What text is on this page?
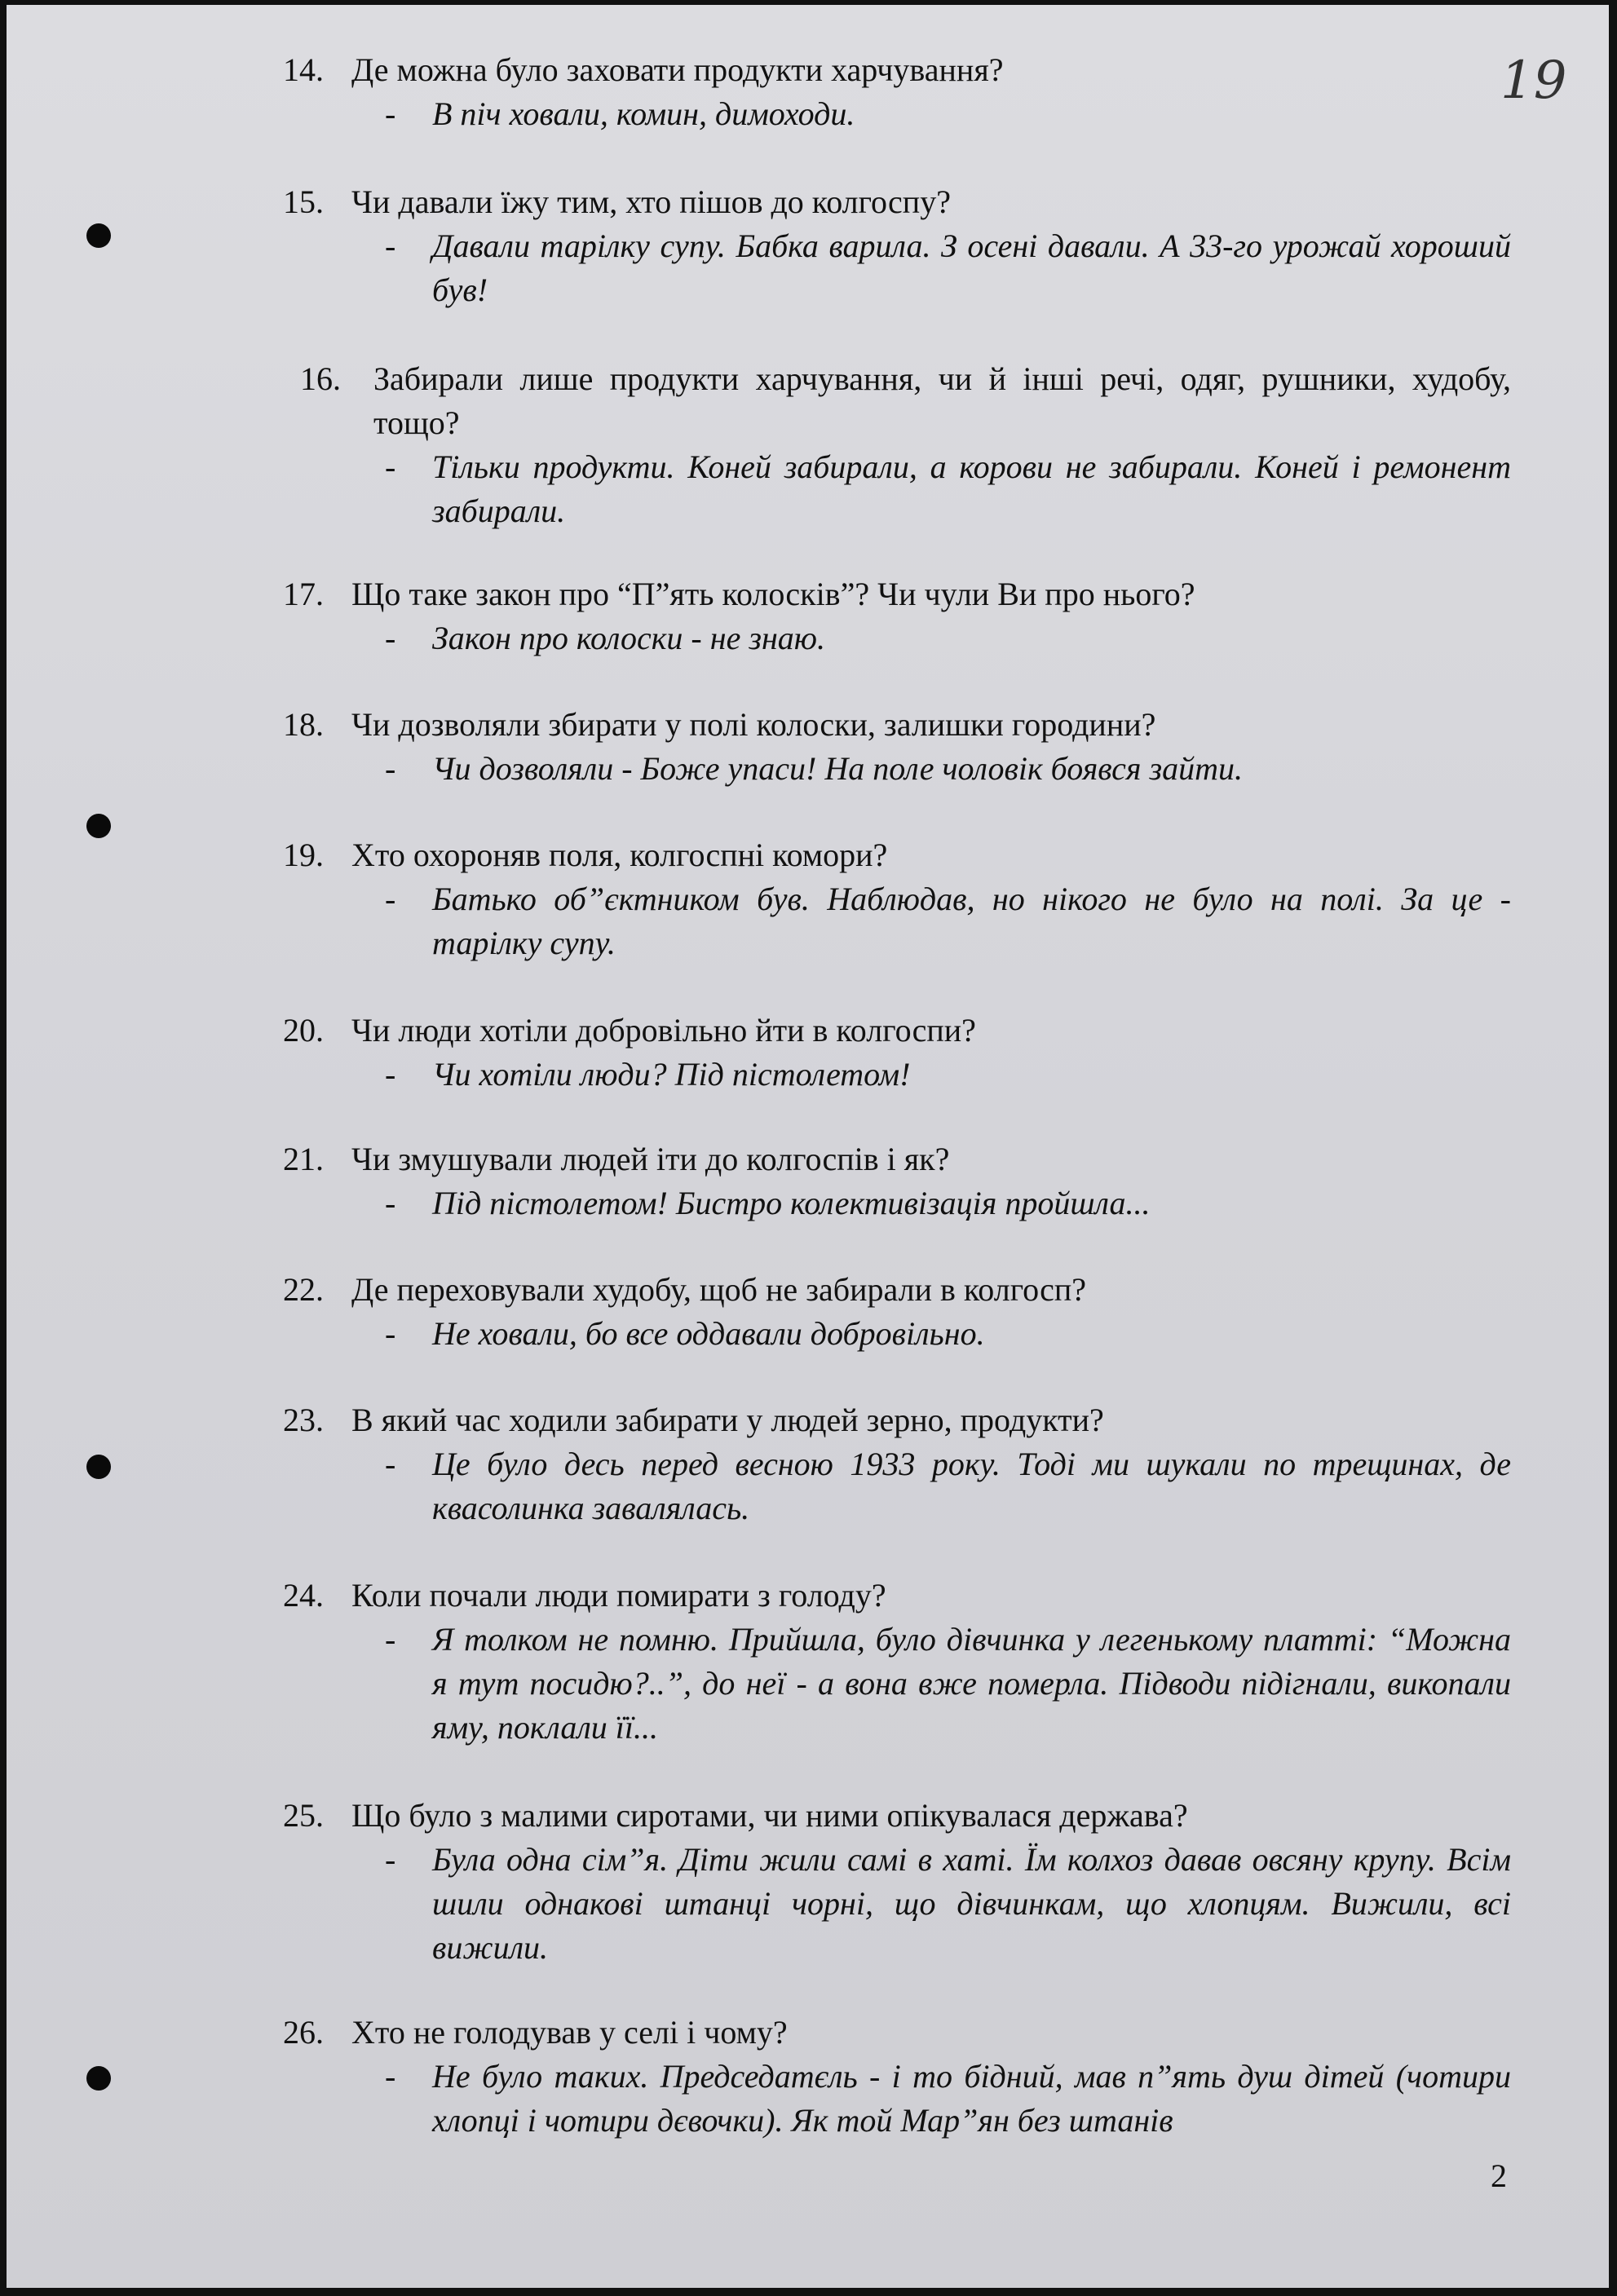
19
14. Де можна було заховати продукти харчування?
- В піч ховали, комин, димоходи.
15. Чи давали їжу тим, хто пішов до колгоспу?
- Давали тарілку супу. Бабка варила. З осені давали. А 33-го урожай хороший був!
16. Забирали лише продукти харчування, чи й інші речі, одяг, рушники, худобу, тощо?
- Тільки продукти. Коней забирали, а корови не забирали. Коней і ремонент забирали.
17. Що таке закон про “П”ять колосків”? Чи чули Ви про нього?
- Закон про колоски - не знаю.
18. Чи дозволяли збирати у полі колоски, залишки городини?
- Чи дозволяли - Боже упаси! На поле чоловік боявся зайти.
19. Хто охороняв поля, колгоспні комори?
- Батько об”єктником був. Наблюдав, но нікого не було на полі. За це - тарілку супу.
20. Чи люди хотіли добровільно йти в колгоспи?
- Чи хотіли люди? Під пістолетом!
21. Чи змушували людей іти до колгоспів і як?
- Під пістолетом! Бистро колективізація пройшла...
22. Де переховували худобу, щоб не забирали в колгосп?
- Не ховали, бо все оддавали добровільно.
23. В який час ходили забирати у людей зерно, продукти?
- Це було десь перед весною 1933 року. Тоді ми шукали по трещинах, де квасолинка завалялась.
24. Коли почали люди помирати з голоду?
- Я толком не помню. Прийшла, було дівчинка у легенькому платті: “Можна я тут посидю?..”, до неї - а вона вже померла. Підводи підігнали, викопали яму, поклали її...
25. Що було з малими сиротами, чи ними опікувалася держава?
- Була одна сім”я. Діти жили самі в хаті. Їм колхоз давав овсяну крупу. Всім шили однакові штанці чорні, що дівчинкам, що хлопцям. Вижили, всі вижили.
26. Хто не голодував у селі і чому?
- Не було таких. Председатєль - і то бідний, мав п”ять душ дітей (чотири хлопці і чотири дєвочки). Як той Мар”ян без штанів
2
